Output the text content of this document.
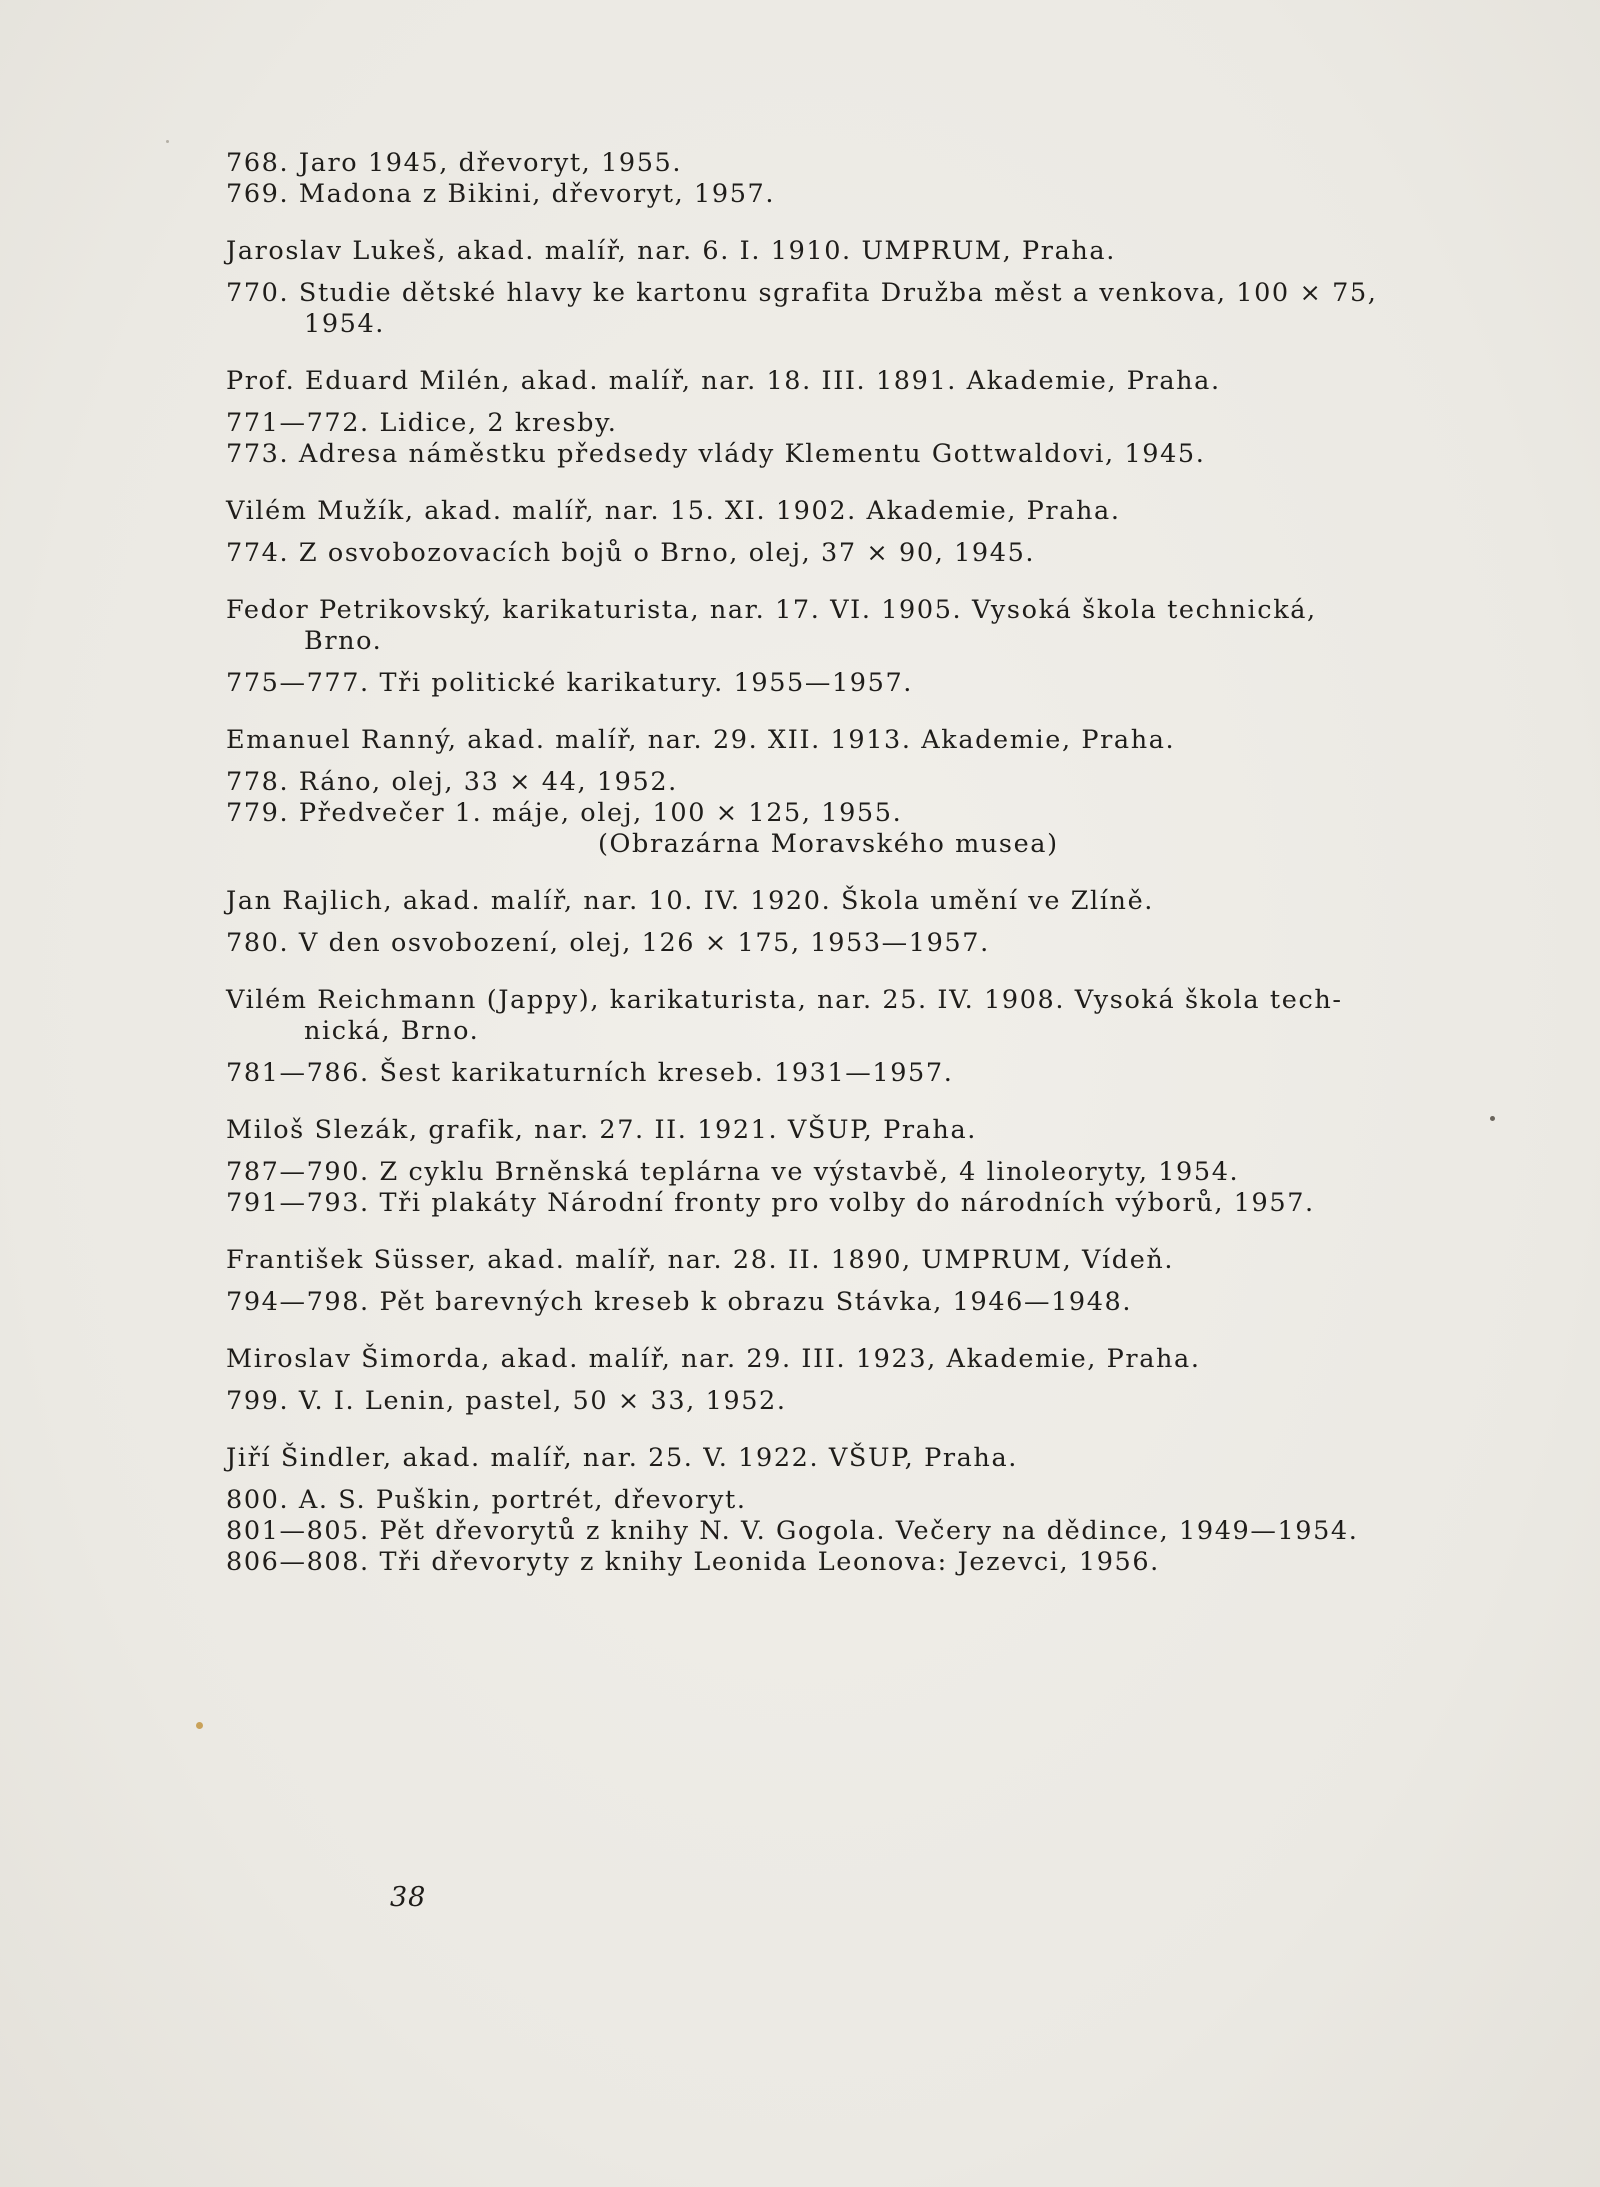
768. Jaro 1945, dřevoryt, 1955.
769. Madona z Bikini, dřevoryt, 1957.
Jaroslav Lukeš, akad. malíř, nar. 6. I. 1910. UMPRUM, Praha.
770. Studie dětské hlavy ke kartonu sgrafita Družba měst a venkova, 100 × 75,
1954.
Prof. Eduard Milén, akad. malíř, nar. 18. III. 1891. Akademie, Praha.
771—772. Lidice, 2 kresby.
773. Adresa náměstku předsedy vlády Klementu Gottwaldovi, 1945.
Vilém Mužík, akad. malíř, nar. 15. XI. 1902. Akademie, Praha.
774. Z osvobozovacích bojů o Brno, olej, 37 × 90, 1945.
Fedor Petrikovský, karikaturista, nar. 17. VI. 1905. Vysoká škola technická,
Brno.
775—777. Tři politické karikatury. 1955—1957.
Emanuel Ranný, akad. malíř, nar. 29. XII. 1913. Akademie, Praha.
778. Ráno, olej, 33 × 44, 1952.
779. Předvečer 1. máje, olej, 100 × 125, 1955.
(Obrazárna Moravského musea)
Jan Rajlich, akad. malíř, nar. 10. IV. 1920. Škola umění ve Zlíně.
780. V den osvobození, olej, 126 × 175, 1953—1957.
Vilém Reichmann (Jappy), karikaturista, nar. 25. IV. 1908. Vysoká škola tech-
nická, Brno.
781—786. Šest karikaturních kreseb. 1931—1957.
Miloš Slezák, grafik, nar. 27. II. 1921. VŠUP, Praha.
787—790. Z cyklu Brněnská teplárna ve výstavbě, 4 linoleoryty, 1954.
791—793. Tři plakáty Národní fronty pro volby do národních výborů, 1957.
František Süsser, akad. malíř, nar. 28. II. 1890, UMPRUM, Vídeň.
794—798. Pět barevných kreseb k obrazu Stávka, 1946—1948.
Miroslav Šimorda, akad. malíř, nar. 29. III. 1923, Akademie, Praha.
799. V. I. Lenin, pastel, 50 × 33, 1952.
Jiří Šindler, akad. malíř, nar. 25. V. 1922. VŠUP, Praha.
800. A. S. Puškin, portrét, dřevoryt.
801—805. Pět dřevorytů z knihy N. V. Gogola. Večery na dědince, 1949—1954.
806—808. Tři dřevoryty z knihy Leonida Leonova: Jezevci, 1956.
38
